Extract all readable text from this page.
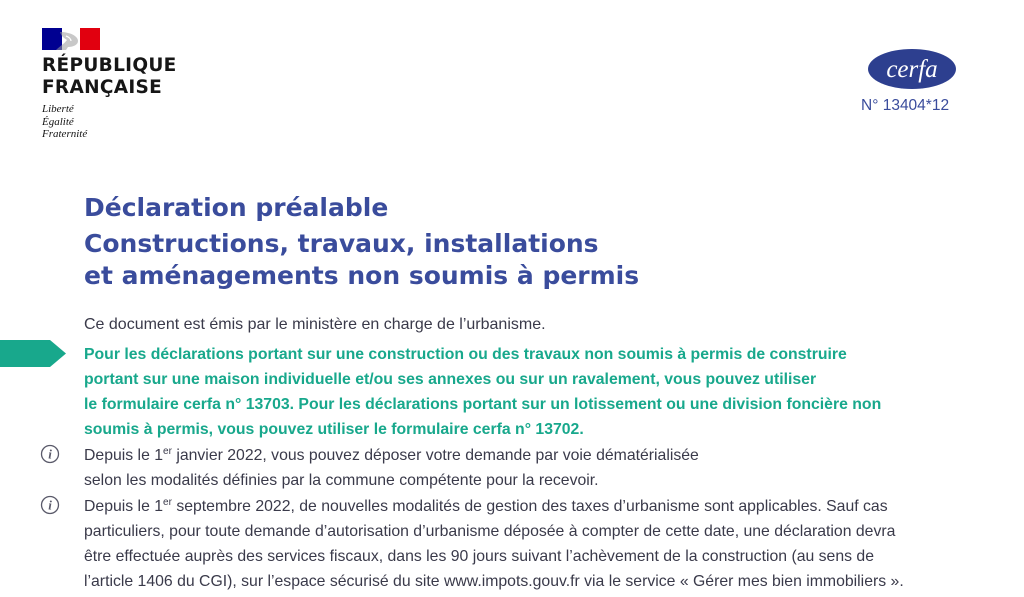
RÉPUBLIQUE
FRANÇAISE
Liberté
Égalité
Fraternité
cerfa
N° 13404*12
Déclaration préalable
Constructions, travaux, installations
et aménagements non soumis à permis
Ce document est émis par le ministère en charge de l’urbanisme.
Pour les déclarations portant sur une construction ou des travaux non soumis à permis de construire
portant sur une maison individuelle et/ou ses annexes ou sur un ravalement, vous pouvez utiliser
le formulaire cerfa n° 13703. Pour les déclarations portant sur un lotissement ou une division foncière non
soumis à permis, vous pouvez utiliser le formulaire cerfa n° 13702.
i Depuis le 1er janvier 2022, vous pouvez déposer votre demande par voie dématérialisée
selon les modalités définies par la commune compétente pour la recevoir.
i Depuis le 1er septembre 2022, de nouvelles modalités de gestion des taxes d’urbanisme sont applicables. Sauf cas
particuliers, pour toute demande d’autorisation d’urbanisme déposée à compter de cette date, une déclaration devra
être effectuée auprès des services fiscaux, dans les 90 jours suivant l’achèvement de la construction (au sens de
l’article 1406 du CGI), sur l’espace sécurisé du site www.impots.gouv.fr via le service « Gérer mes bien immobiliers ».
